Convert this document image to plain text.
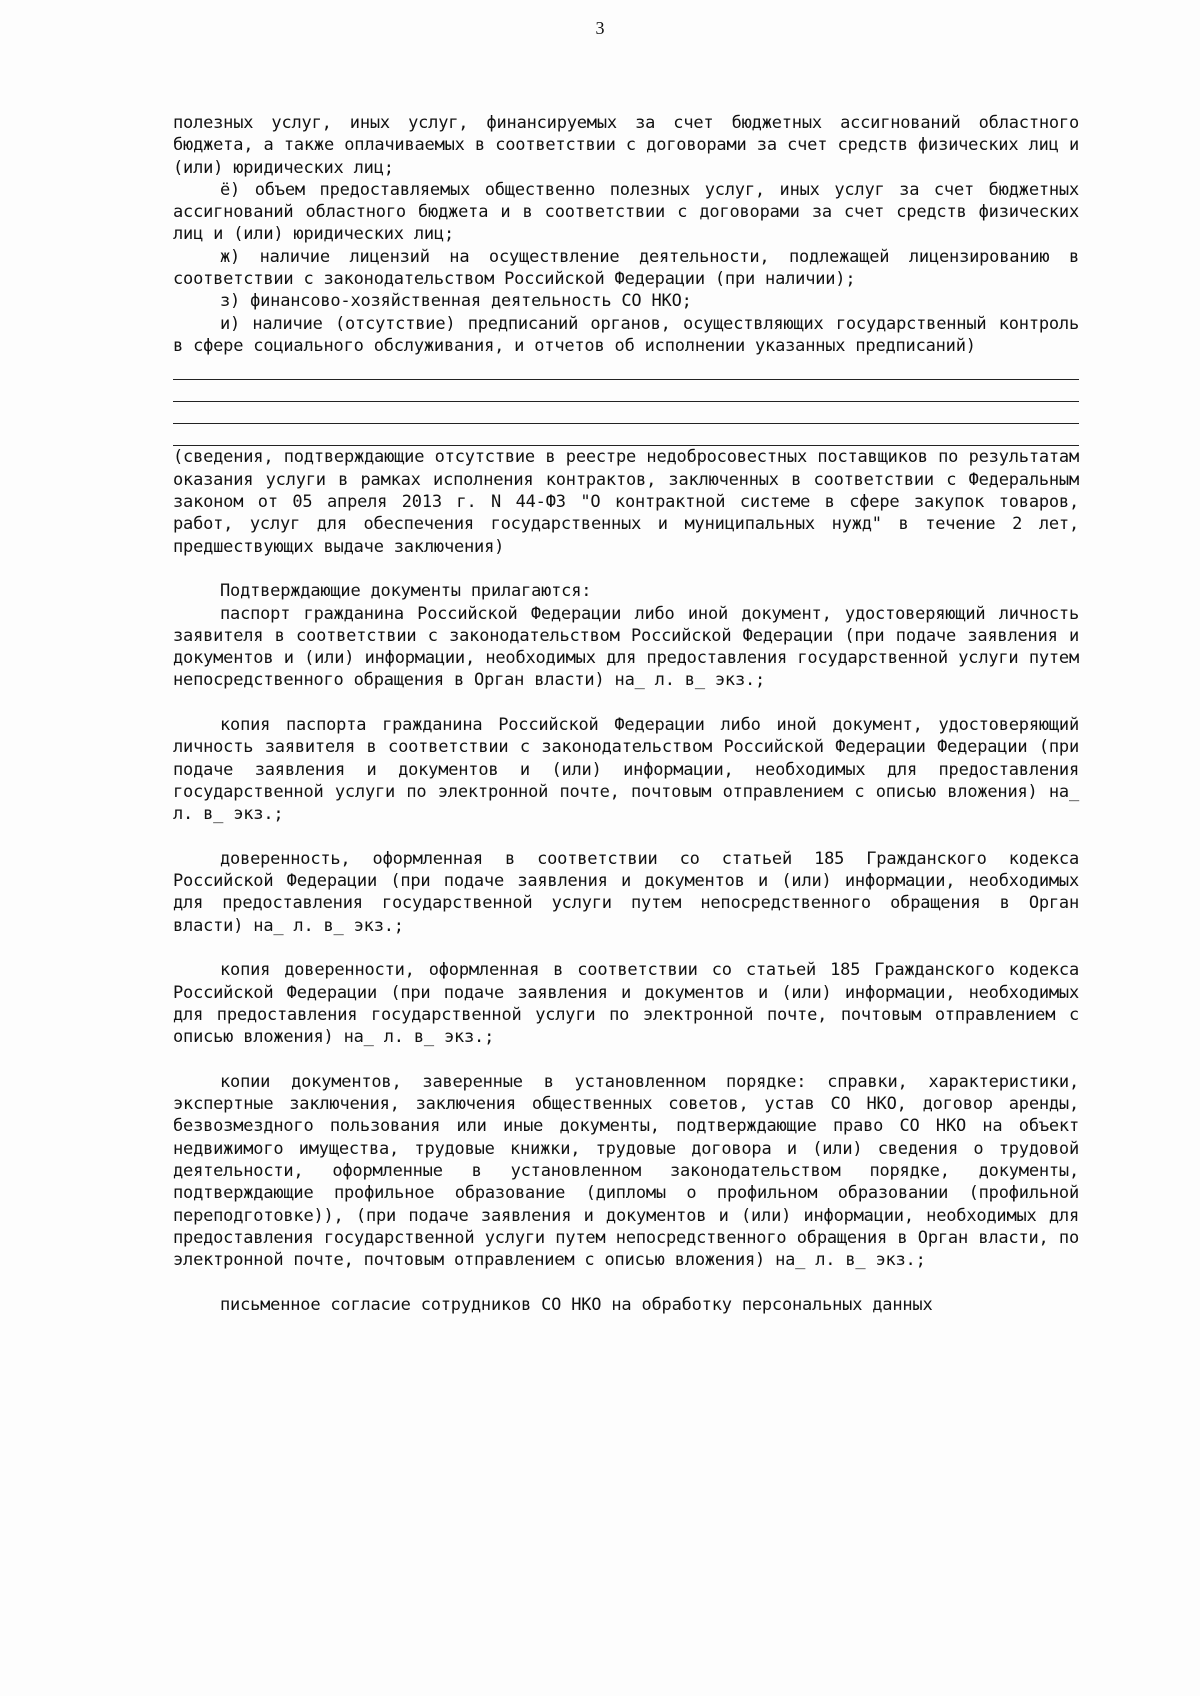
3

полезных услуг, иных услуг, финансируемых за счет бюджетных ассигнований областного бюджета, а также оплачиваемых в соответствии с договорами за счет средств физических лиц и (или) юридических лиц;

ё) объем предоставляемых общественно полезных услуг, иных услуг за счет бюджетных ассигнований областного бюджета и в соответствии с договорами за счет средств физических лиц и (или) юридических лиц;

ж) наличие лицензий на осуществление деятельности, подлежащей лицензированию в соответствии с законодательством Российской Федерации (при наличии);

з) финансово-хозяйственная деятельность СО НКО;

и) наличие (отсутствие) предписаний органов, осуществляющих государственный контроль в сфере социального обслуживания, и отчетов об исполнении указанных предписаний)

(сведения, подтверждающие отсутствие в реестре недобросовестных поставщиков по результатам оказания услуги в рамках исполнения контрактов, заключенных в соответствии с Федеральным законом от 05 апреля 2013 г. N 44-ФЗ "О контрактной системе в сфере закупок товаров, работ, услуг для обеспечения государственных и муниципальных нужд" в течение 2 лет, предшествующих выдаче заключения)

Подтверждающие документы прилагаются:

паспорт гражданина Российской Федерации либо иной документ, удостоверяющий личность заявителя в соответствии с законодательством Российской Федерации (при подаче заявления и документов и (или) информации, необходимых для предоставления государственной услуги путем непосредственного обращения в Орган власти) на_ л. в_ экз.;

копия паспорта гражданина Российской Федерации либо иной документ, удостоверяющий личность заявителя в соответствии с законодательством Российской Федерации Федерации (при подаче заявления и документов и (или) информации, необходимых для предоставления государственной услуги по электронной почте, почтовым отправлением с описью вложения) на_ л. в_ экз.;

доверенность, оформленная в соответствии со статьей 185 Гражданского кодекса Российской Федерации (при подаче заявления и документов и (или) информации, необходимых для предоставления государственной услуги путем непосредственного обращения в Орган власти) на_ л. в_ экз.;

копия доверенности, оформленная в соответствии со статьей 185 Гражданского кодекса Российской Федерации (при подаче заявления и документов и (или) информации, необходимых для предоставления государственной услуги по электронной почте, почтовым отправлением с описью вложения) на_ л. в_ экз.;

копии документов, заверенные в установленном порядке: справки, характеристики, экспертные заключения, заключения общественных советов, устав СО НКО, договор аренды, безвозмездного пользования или иные документы, подтверждающие право СО НКО на объект недвижимого имущества, трудовые книжки, трудовые договора и (или) сведения о трудовой деятельности, оформленные в установленном законодательством порядке, документы, подтверждающие профильное образование (дипломы о профильном образовании (профильной переподготовке)), (при подаче заявления и документов и (или) информации, необходимых для предоставления государственной услуги путем непосредственного обращения в Орган власти, по электронной почте, почтовым отправлением с описью вложения) на_ л. в_ экз.;

письменное согласие сотрудников СО НКО на обработку персональных данных
